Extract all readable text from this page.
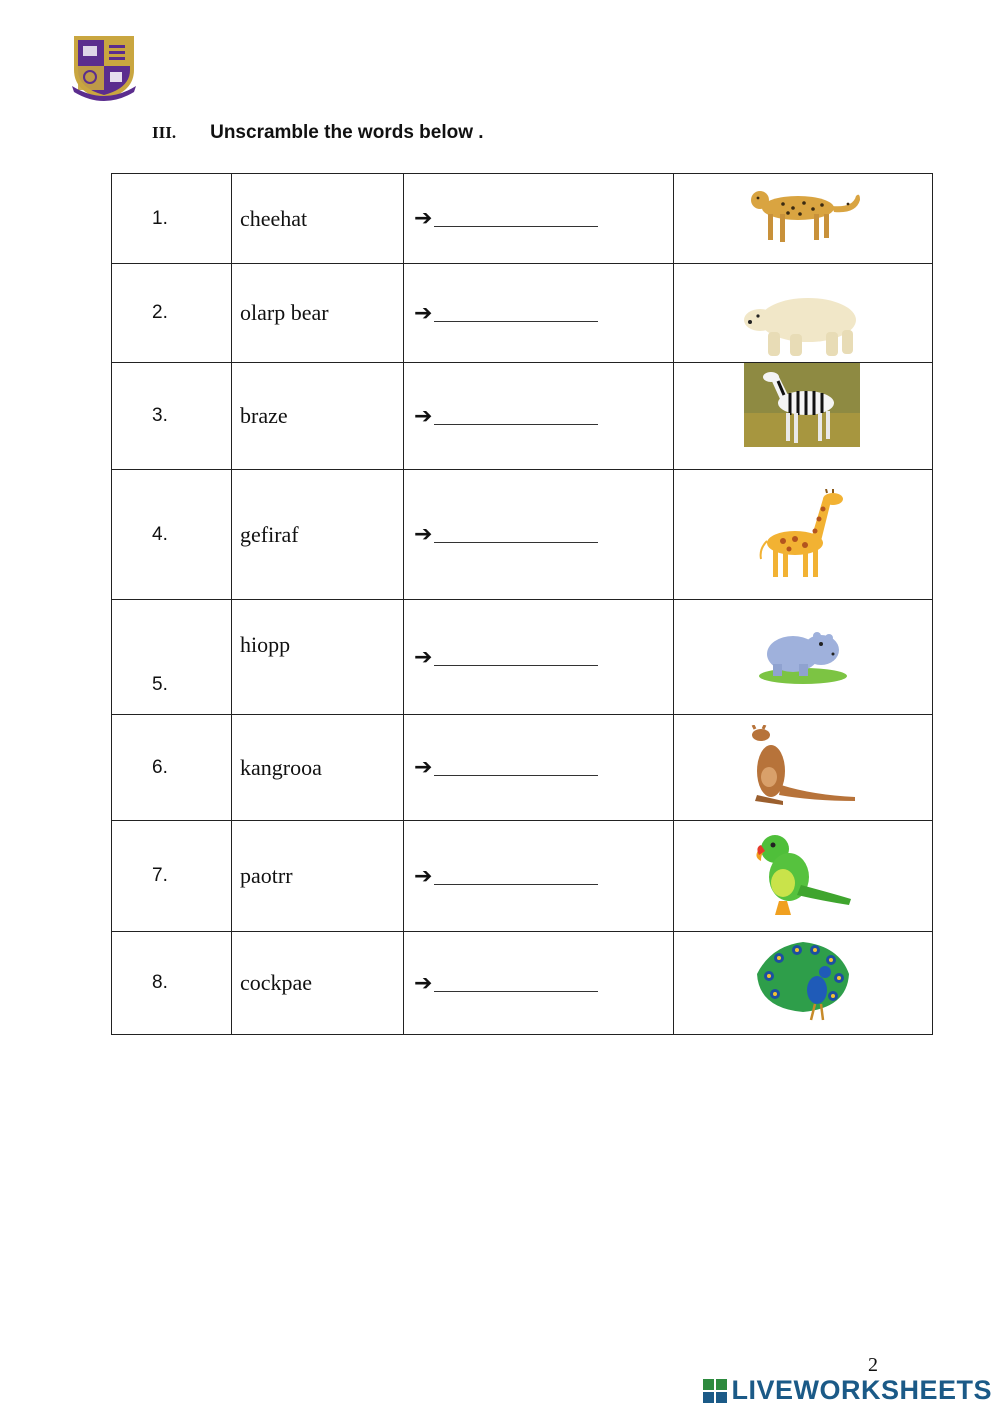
III. Unscramble the words below .
1.	cheehat	➔	

2.	olarp bear	➔	

3.	braze	➔	

4.	gefiraf	➔	

5.	hiopp	➔	

6.	kangrooa	➔	

7.	paotrr	➔	

8.	cockpae	➔	
2
LIVEWORKSHEETS
